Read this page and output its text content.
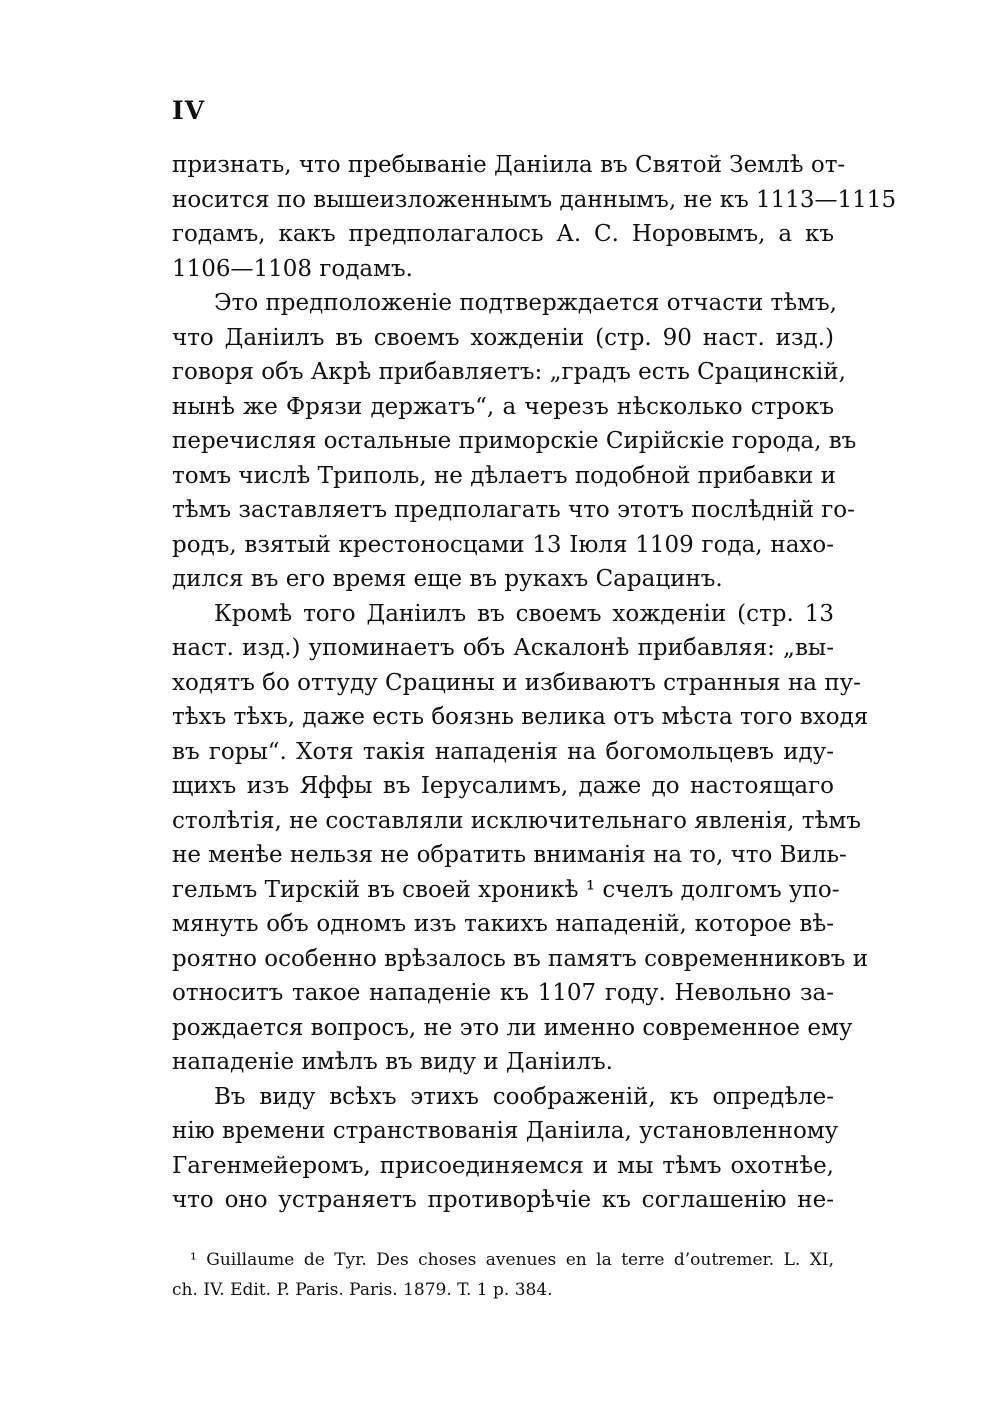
IV
признать, что пребыванiе Данiила въ Святой Землѣ от-
носится по вышеизложеннымъ даннымъ, не къ 1113—1115
годамъ, какъ предполагалось А. С. Норовымъ, а къ
1106—1108 годамъ.
Это предположенiе подтверждается отчасти тѣмъ,
что Данiилъ въ своемъ хожденiи (стр. 90 наст. изд.)
говоря объ Акрѣ прибавляетъ: „градъ есть Срацинскiй,
нынѣ же Фрязи держатъ“, а черезъ нѣсколько строкъ
перечисляя остальные приморскiе Сирiйскiе города, въ
томъ числѣ Триполь, не дѣлаетъ подобной прибавки и
тѣмъ заставляетъ предполагать что этотъ послѣднiй го-
родъ, взятый крестоносцами 13 Iюля 1109 года, нахо-
дился въ его время еще въ рукахъ Сарацинъ.
Кромѣ того Данiилъ въ своемъ хожденiи (стр. 13
наст. изд.) упоминаетъ объ Аскалонѣ прибавляя: „вы-
ходятъ бо оттуду Срацины и избиваютъ странныя на пу-
тѣхъ тѣхъ, даже есть боязнь велика отъ мѣста того входя
въ горы“. Хотя такiя нападенiя на богомольцевъ иду-
щихъ изъ Яффы въ Iерусалимъ, даже до настоящаго
столѣтiя, не составляли исключительнаго явленiя, тѣмъ
не менѣе нельзя не обратить вниманiя на то, что Виль-
гельмъ Тирскiй въ своей хроникѣ ¹ счелъ долгомъ упо-
мянуть объ одномъ изъ такихъ нападенiй, которое вѣ-
роятно особенно врѣзалось въ памятъ современниковъ и
относитъ такое нападенiе къ 1107 году. Невольно за-
рождается вопросъ, не это ли именно современное ему
нападенiе имѣлъ въ виду и Данiилъ.
Въ виду всѣхъ этихъ соображенiй, къ опредѣле-
нiю времени странствованiя Данiила, установленному
Гагенмейеромъ, присоединяемся и мы тѣмъ охотнѣе,
что оно устраняетъ противорѣчiе къ соглашенiю не-
¹ Guillaume de Tyr. Des choses avenues en la terre d’outremer. L. XI,
ch. IV. Edit. P. Paris. Paris. 1879. T. 1 p. 384.
